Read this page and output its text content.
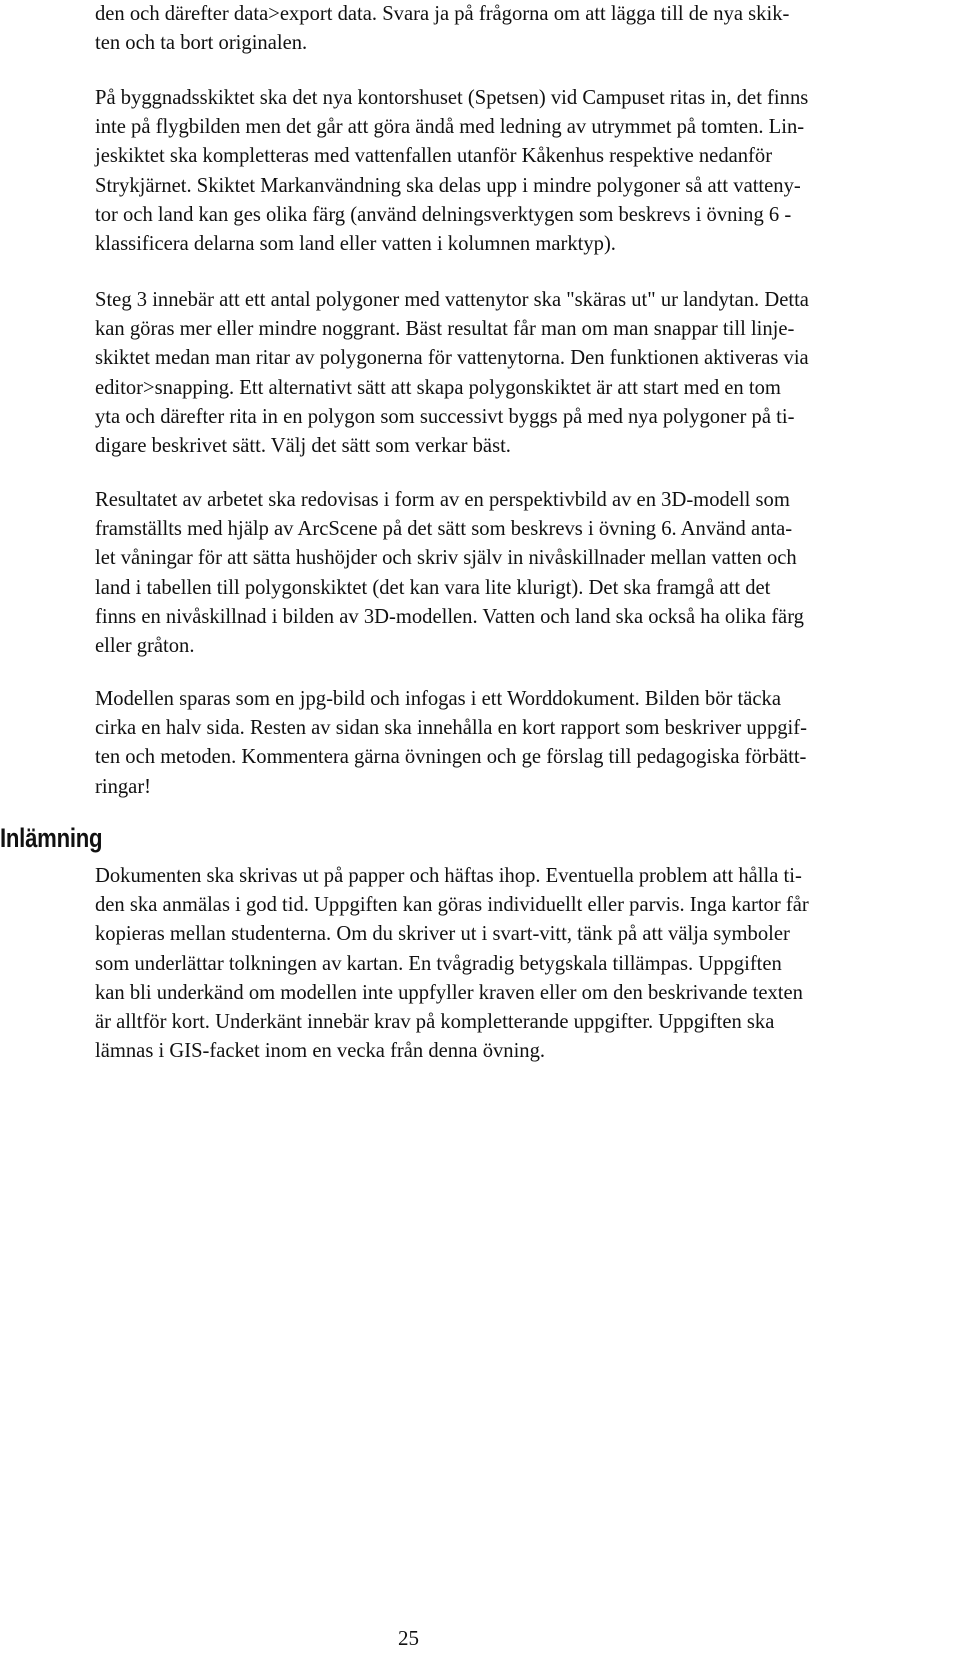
den och därefter data>export data. Svara ja på frågorna om att lägga till de nya skik-
ten och ta bort originalen.

På byggnadsskiktet ska det nya kontorshuset (Spetsen) vid Campuset ritas in, det finns
inte på flygbilden men det går att göra ändå med ledning av utrymmet på tomten. Lin-
jeskiktet ska kompletteras med vattenfallen utanför Kåkenhus respektive nedanför
Strykjärnet. Skiktet Markanvändning ska delas upp i mindre polygoner så att vatteny-
tor och land kan ges olika färg (använd delningsverktygen som beskrevs i övning 6 -
klassificera delarna som land eller vatten i kolumnen marktyp).

Steg 3 innebär att ett antal polygoner med vattenytor ska "skäras ut" ur landytan. Detta
kan göras mer eller mindre noggrant. Bäst resultat får man om man snappar till linje-
skiktet medan man ritar av polygonerna för vattenytorna. Den funktionen aktiveras via
editor>snapping. Ett alternativt sätt att skapa polygonskiktet är att start med en tom
yta och därefter rita in en polygon som successivt byggs på med nya polygoner på ti-
digare beskrivet sätt. Välj det sätt som verkar bäst.

Resultatet av arbetet ska redovisas i form av en perspektivbild av en 3D-modell som
framställts med hjälp av ArcScene på det sätt som beskrevs i övning 6. Använd anta-
let våningar för att sätta hushöjder och skriv själv in nivåskillnader mellan vatten och
land i tabellen till polygonskiktet (det kan vara lite klurigt). Det ska framgå att det
finns en nivåskillnad i bilden av 3D-modellen. Vatten och land ska också ha olika färg
eller gråton.

Modellen sparas som en jpg-bild och infogas i ett Worddokument. Bilden bör täcka
cirka en halv sida. Resten av sidan ska innehålla en kort rapport som beskriver uppgif-
ten och metoden. Kommentera gärna övningen och ge förslag till pedagogiska förbätt-
ringar!

Inlämning

Dokumenten ska skrivas ut på papper och häftas ihop. Eventuella problem att hålla ti-
den ska anmälas i god tid. Uppgiften kan göras individuellt eller parvis. Inga kartor får
kopieras mellan studenterna. Om du skriver ut i svart-vitt, tänk på att välja symboler
som underlättar tolkningen av kartan. En tvågradig betygskala tillämpas. Uppgiften
kan bli underkänd om modellen inte uppfyller kraven eller om den beskrivande texten
är alltför kort. Underkänt innebär krav på kompletterande uppgifter. Uppgiften ska
lämnas i GIS-facket inom en vecka från denna övning.

25
